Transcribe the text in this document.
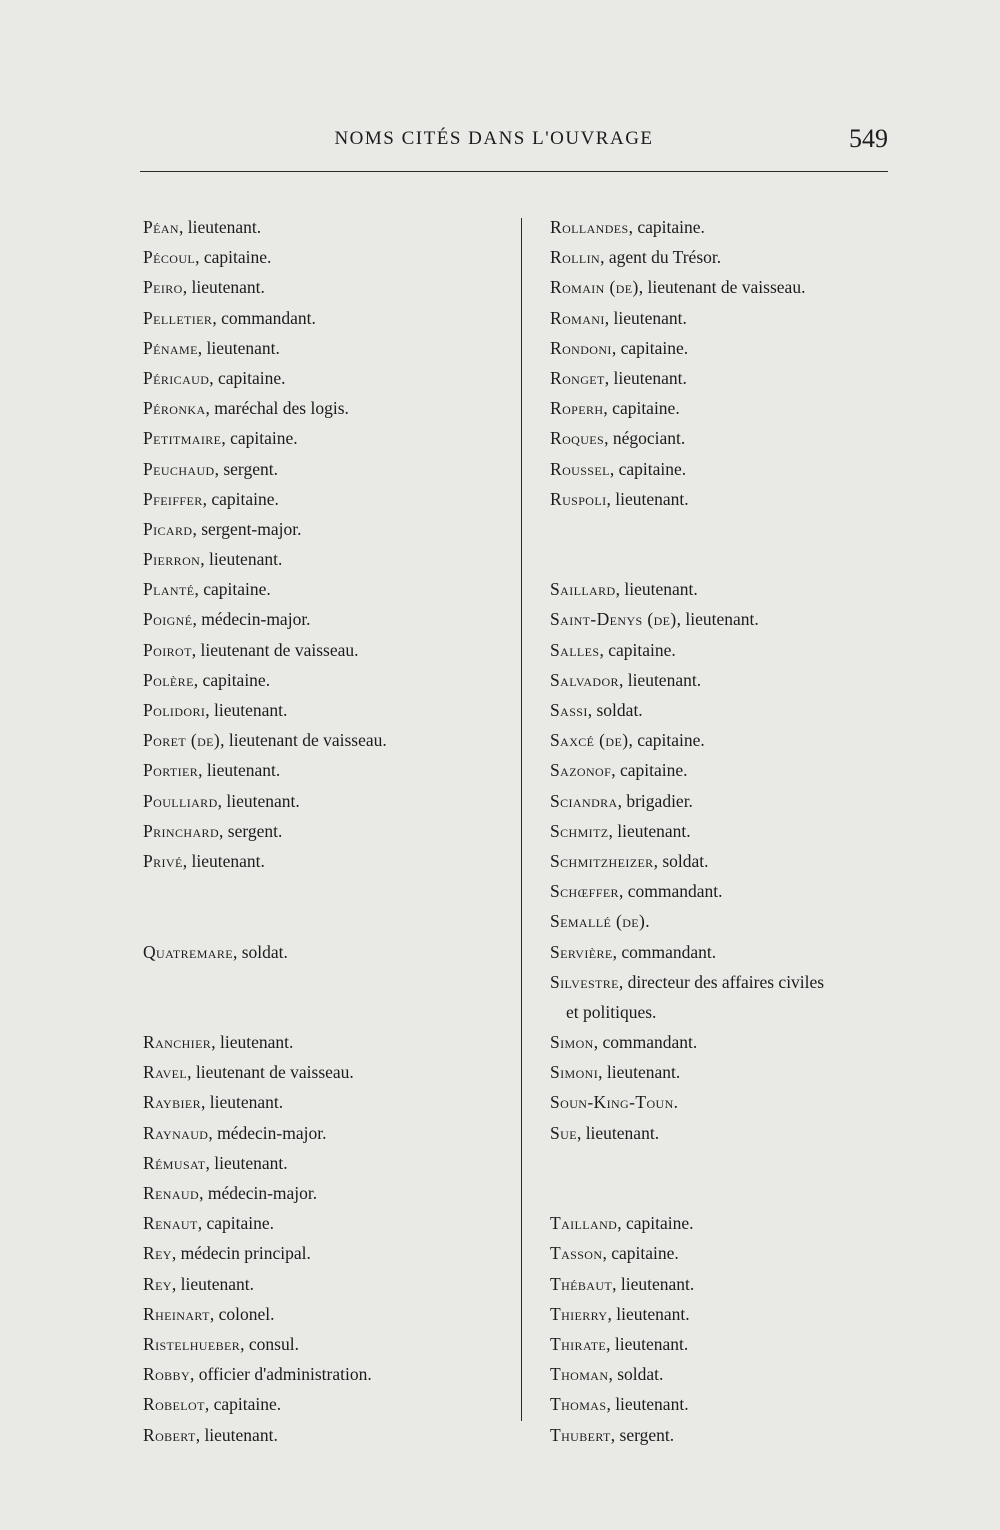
NOMS CITÉS DANS L'OUVRAGE	549
Péan, lieutenant.
Pécoul, capitaine.
Peiro, lieutenant.
Pelletier, commandant.
Péname, lieutenant.
Péricaud, capitaine.
Péronka, maréchal des logis.
Petitmaire, capitaine.
Peuchaud, sergent.
Pfeiffer, capitaine.
Picard, sergent-major.
Pierron, lieutenant.
Planté, capitaine.
Poigné, médecin-major.
Poirot, lieutenant de vaisseau.
Polère, capitaine.
Polidori, lieutenant.
Poret (de), lieutenant de vaisseau.
Portier, lieutenant.
Poulliard, lieutenant.
Princhard, sergent.
Privé, lieutenant.
Quatremare, soldat.
Ranchier, lieutenant.
Ravel, lieutenant de vaisseau.
Raybier, lieutenant.
Raynaud, médecin-major.
Rémusat, lieutenant.
Renaud, médecin-major.
Renaut, capitaine.
Rey, médecin principal.
Rey, lieutenant.
Rheinart, colonel.
Ristelhueber, consul.
Robby, officier d'administration.
Robelot, capitaine.
Robert, lieutenant.
Rollandes, capitaine.
Rollin, agent du Trésor.
Romain (de), lieutenant de vaisseau.
Romani, lieutenant.
Rondoni, capitaine.
Ronget, lieutenant.
Roperh, capitaine.
Roques, négociant.
Roussel, capitaine.
Ruspoli, lieutenant.
Saillard, lieutenant.
Saint-Denys (de), lieutenant.
Salles, capitaine.
Salvador, lieutenant.
Sassi, soldat.
Saxcé (de), capitaine.
Sazonof, capitaine.
Sciandra, brigadier.
Schmitz, lieutenant.
Schmitzheizer, soldat.
Schœffer, commandant.
Semallé (de).
Servière, commandant.
Silvestre, directeur des affaires civiles
et politiques.
Simon, commandant.
Simoni, lieutenant.
Soun-King-Toun.
Sue, lieutenant.
Tailland, capitaine.
Tasson, capitaine.
Thébaut, lieutenant.
Thierry, lieutenant.
Thirate, lieutenant.
Thoman, soldat.
Thomas, lieutenant.
Thubert, sergent.
